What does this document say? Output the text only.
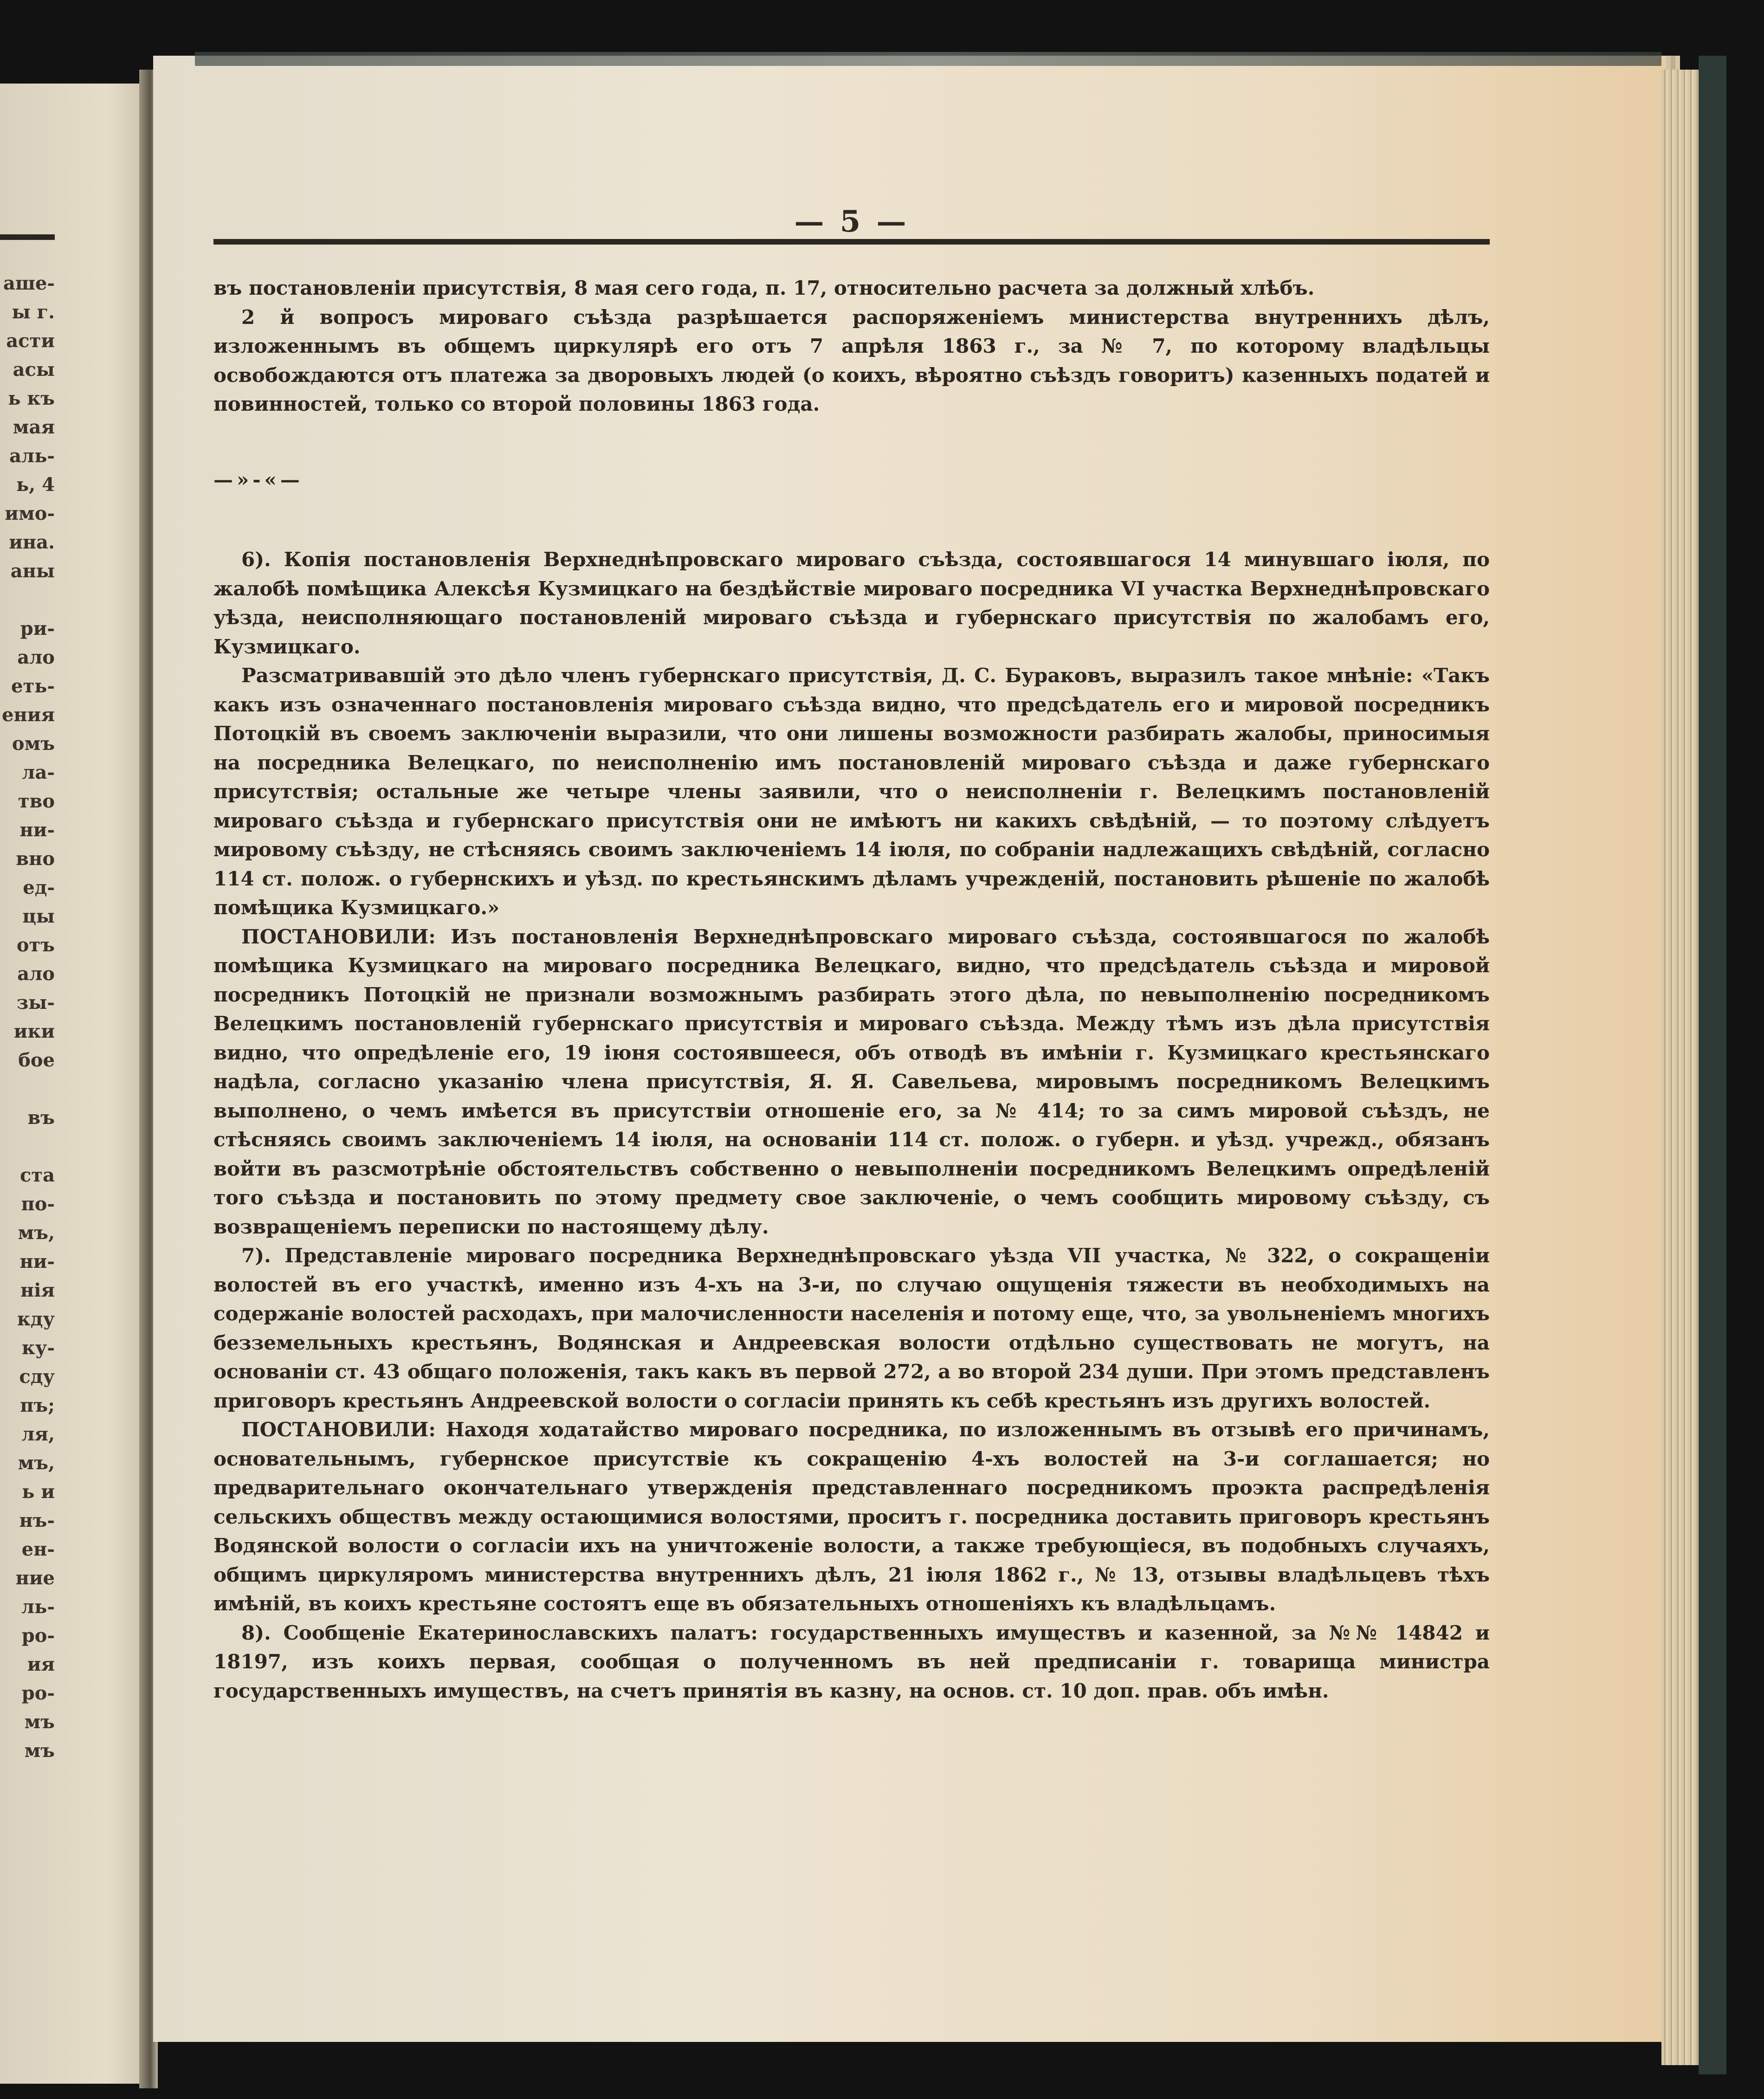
аше-
ы г.
асти
асы
ь къ
мая
аль-
ь, 4
имо-
ина.
аны
ри-
ало
еть-
ения
омъ
ла-
тво
ни-
вно
ед-
цы
отъ
ало
зы-
ики
бое
въ
ста
по-
мъ,
ни-
нія
кду
ку-
сду
пъ;
ля,
мъ,
ь и
нъ-
ен-
ние
ль-
ро-
ия
ро-
мъ
мъ
— 5 —

въ постановленіи присутствія, 8 мая сего года, п. 17, относительно расчета за должный хлѣбъ.

2 й вопросъ мироваго съѣзда разрѣшается распоряженіемъ министерства внутреннихъ дѣлъ, изложеннымъ въ общемъ циркулярѣ его отъ 7 апрѣля 1863 г., за № 7, по которому владѣльцы освобождаются отъ платежа за дворовыхъ людей (о коихъ, вѣроятно съѣздъ говоритъ) казенныхъ податей и повинностей, только со второй половины 1863 года.

—»-«—

6). Копія постановленія Верхнеднѣпровскаго мироваго съѣзда, состоявшагося 14 минувшаго іюля, по жалобѣ помѣщика Алексѣя Кузмицкаго на бездѣйствіе мироваго посредника VI участка Верхнеднѣпровскаго уѣзда, неисполняющаго постановленій мироваго съѣзда и губернскаго присутствія по жалобамъ его, Кузмицкаго.

Разсматривавшій это дѣло членъ губернскаго присутствія, Д. С. Бураковъ, выразилъ такое мнѣніе: «Такъ какъ изъ означеннаго постановленія мироваго съѣзда видно, что предсѣдатель его и мировой посредникъ Потоцкій въ своемъ заключеніи выразили, что они лишены возможности разбирать жалобы, приносимыя на посредника Велецкаго, по неисполненію имъ постановленій мироваго съѣзда и даже губернскаго присутствія; остальные же четыре члены заявили, что о неисполненіи г. Велецкимъ постановленій мироваго съѣзда и губернскаго присутствія они не имѣютъ ни какихъ свѣдѣній, — то поэтому слѣдуетъ мировому съѣзду, не стѣсняясь своимъ заключеніемъ 14 іюля, по собраніи надлежащихъ свѣдѣній, согласно 114 ст. полож. о губернскихъ и уѣзд. по крестьянскимъ дѣламъ учрежденій, постановить рѣшеніе по жалобѣ помѣщика Кузмицкаго.»

ПОСТАНОВИЛИ: Изъ постановленія Верхнеднѣпровскаго мироваго съѣзда, состоявшагося по жалобѣ помѣщика Кузмицкаго на мироваго посредника Велецкаго, видно, что предсѣдатель съѣзда и мировой посредникъ Потоцкій не признали возможнымъ разбирать этого дѣла, по невыполненію посредникомъ Велецкимъ постановленій губернскаго присутствія и мироваго съѣзда. Между тѣмъ изъ дѣла присутствія видно, что опредѣленіе его, 19 іюня состоявшееся, объ отводѣ въ имѣніи г. Кузмицкаго крестьянскаго надѣла, согласно указанію члена присутствія, Я. Я. Савельева, мировымъ посредникомъ Велецкимъ выполнено, о чемъ имѣется въ присутствіи отношеніе его, за № 414; то за симъ мировой съѣздъ, не стѣсняясь своимъ заключеніемъ 14 іюля, на основаніи 114 ст. полож. о губерн. и уѣзд. учрежд., обязанъ войти въ разсмотрѣніе обстоятельствъ собственно о невыполненіи посредникомъ Велецкимъ опредѣленій того съѣзда и постановить по этому предмету свое заключеніе, о чемъ сообщить мировому съѣзду, съ возвращеніемъ переписки по настоящему дѣлу.

7). Представленіе мироваго посредника Верхнеднѣпровскаго уѣзда VII участка, № 322, о сокращеніи волостей въ его участкѣ, именно изъ 4-хъ на 3-и, по случаю ощущенія тяжести въ необходимыхъ на содержаніе волостей расходахъ, при малочисленности населенія и потому еще, что, за увольненіемъ многихъ безземельныхъ крестьянъ, Водянская и Андреевская волости отдѣльно существовать не могутъ, на основаніи ст. 43 общаго положенія, такъ какъ въ первой 272, а во второй 234 души. При этомъ представленъ приговоръ крестьянъ Андреевской волости о согласіи принять къ себѣ крестьянъ изъ другихъ волостей.

ПОСТАНОВИЛИ: Находя ходатайство мироваго посредника, по изложеннымъ въ отзывѣ его причинамъ, основательнымъ, губернское присутствіе къ сокращенію 4-хъ волостей на 3-и соглашается; но предварительнаго окончательнаго утвержденія представленнаго посредникомъ проэкта распредѣленія сельскихъ обществъ между остающимися волостями, проситъ г. посредника доставить приговоръ крестьянъ Водянской волости о согласіи ихъ на уничтоженіе волости, а также требующіеся, въ подобныхъ случаяхъ, общимъ циркуляромъ министерства внутреннихъ дѣлъ, 21 іюля 1862 г., № 13, отзывы владѣльцевъ тѣхъ имѣній, въ коихъ крестьяне состоятъ еще въ обязательныхъ отношеніяхъ къ владѣльцамъ.

8). Сообщеніе Екатеринославскихъ палатъ: государственныхъ имуществъ и казенной, за №№ 14842 и 18197, изъ коихъ первая, сообщая о полученномъ въ ней предписаніи г. товарища министра государственныхъ имуществъ, на счетъ принятія въ казну, на основ. ст. 10 доп. прав. объ имѣн.
